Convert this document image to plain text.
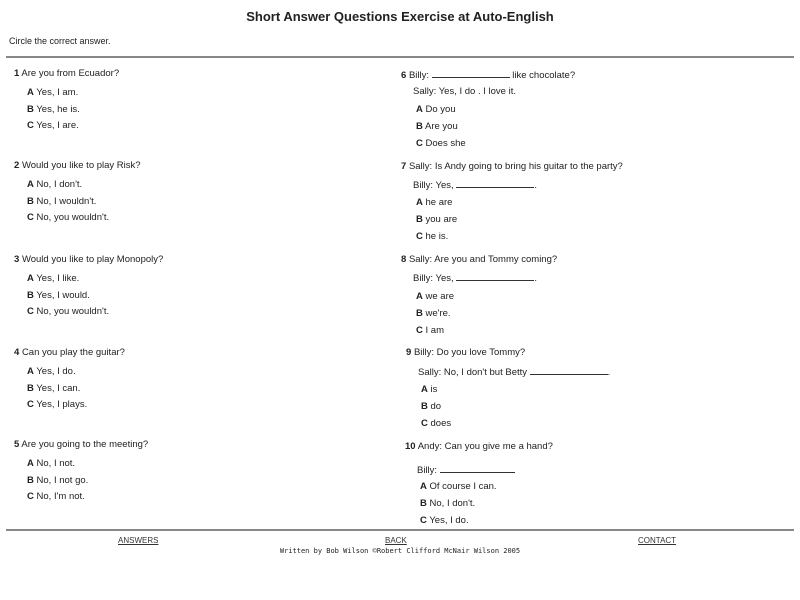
Short Answer Questions Exercise at Auto-English
Circle the correct answer.
1 Are you from Ecuador?
A Yes, I am.
B Yes, he is.
C Yes, I are.
2 Would you like to play Risk?
A No, I don't.
B No, I wouldn't.
C No, you wouldn't.
3 Would you like to play Monopoly?
A Yes, I like.
B Yes, I would.
C No, you wouldn't.
4 Can you play the guitar?
A Yes, I do.
B Yes, I can.
C Yes, I plays.
5 Are you going to the meeting?
A No, I not.
B No, I not go.
C No, I'm not.
6 Billy:	like chocolate?
Sally: Yes, I do . I love it.
A Do you
B Are you
C Does she
7 Sally: Is Andy going to bring his guitar to the party?
Billy: Yes,	.
A he are
B you are
C he is.
8 Sally: Are you and Tommy coming?
Billy: Yes,	.
A we are
B we're.
C I am
9 Billy: Do you love Tommy?
Sally: No, I don't but Betty	.
A is
B do
C does
10 Andy: Can you give me a hand?
Billy:
A Of course I can.
B No, I don't.
C Yes, I do.
ANSWERS	BACK	CONTACT
Written by Bob Wilson ©Robert Clifford McNair Wilson 2005
